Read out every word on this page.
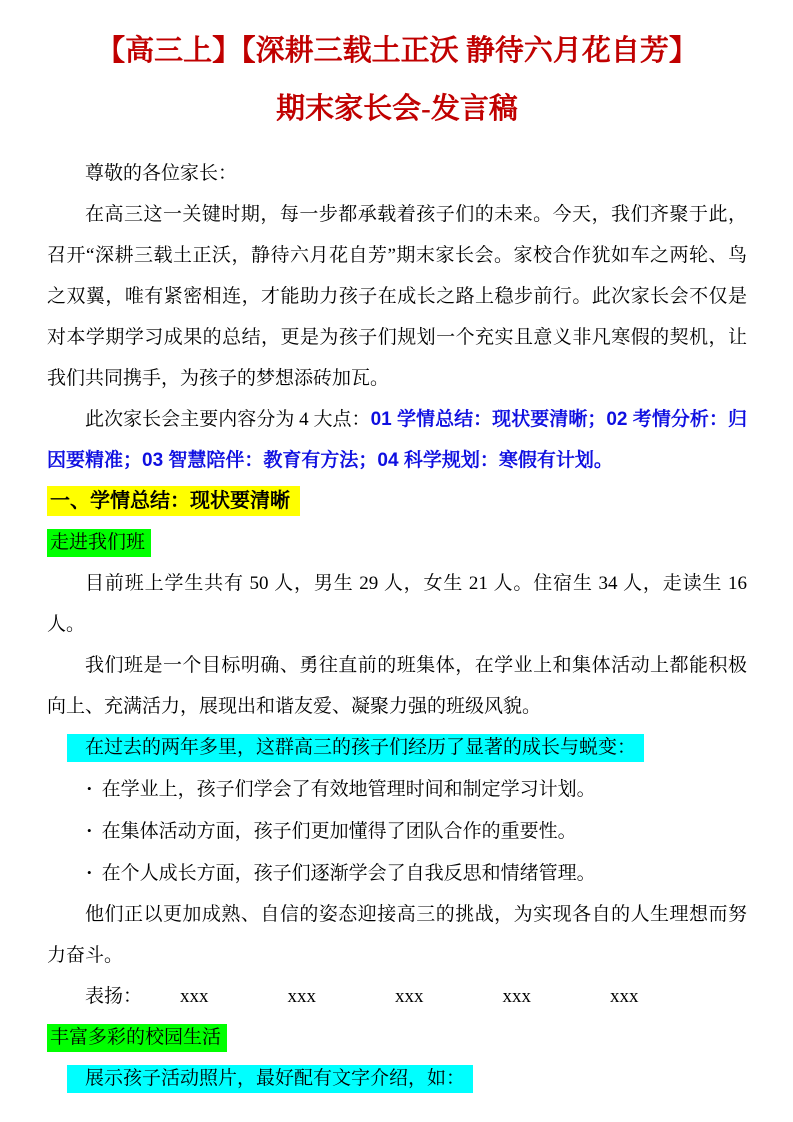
【高三上】【深耕三载土正沃 静待六月花自芳】
期末家长会-发言稿

尊敬的各位家长：

在高三这一关键时期，每一步都承载着孩子们的未来。今天，我们齐聚于此，召开“深耕三载土正沃，静待六月花自芳”期末家长会。家校合作犹如车之两轮、鸟之双翼，唯有紧密相连，才能助力孩子在成长之路上稳步前行。此次家长会不仅是对本学期学习成果的总结，更是为孩子们规划一个充实且意义非凡寒假的契机，让我们共同携手，为孩子的梦想添砖加瓦。

此次家长会主要内容分为 4 大点：01 学情总结：现状要清晰；02 考情分析：归因要精准；03 智慧陪伴：教育有方法；04 科学规划：寒假有计划。

一、学情总结：现状要清晰

走进我们班

目前班上学生共有 50 人，男生 29 人，女生 21 人。住宿生 34 人，走读生 16 人。

我们班是一个目标明确、勇往直前的班集体，在学业上和集体活动上都能积极向上、充满活力，展现出和谐友爱、凝聚力强的班级风貌。

在过去的两年多里，这群高三的孩子们经历了显著的成长与蜕变：

• 在学业上，孩子们学会了有效地管理时间和制定学习计划。

• 在集体活动方面，孩子们更加懂得了团队合作的重要性。

• 在个人成长方面，孩子们逐渐学会了自我反思和情绪管理。

他们正以更加成熟、自信的姿态迎接高三的挑战，为实现各自的人生理想而努力奋斗。

表扬： xxx	xxx	xxx	xxx	xxx

丰富多彩的校园生活

展示孩子活动照片，最好配有文字介绍，如：
